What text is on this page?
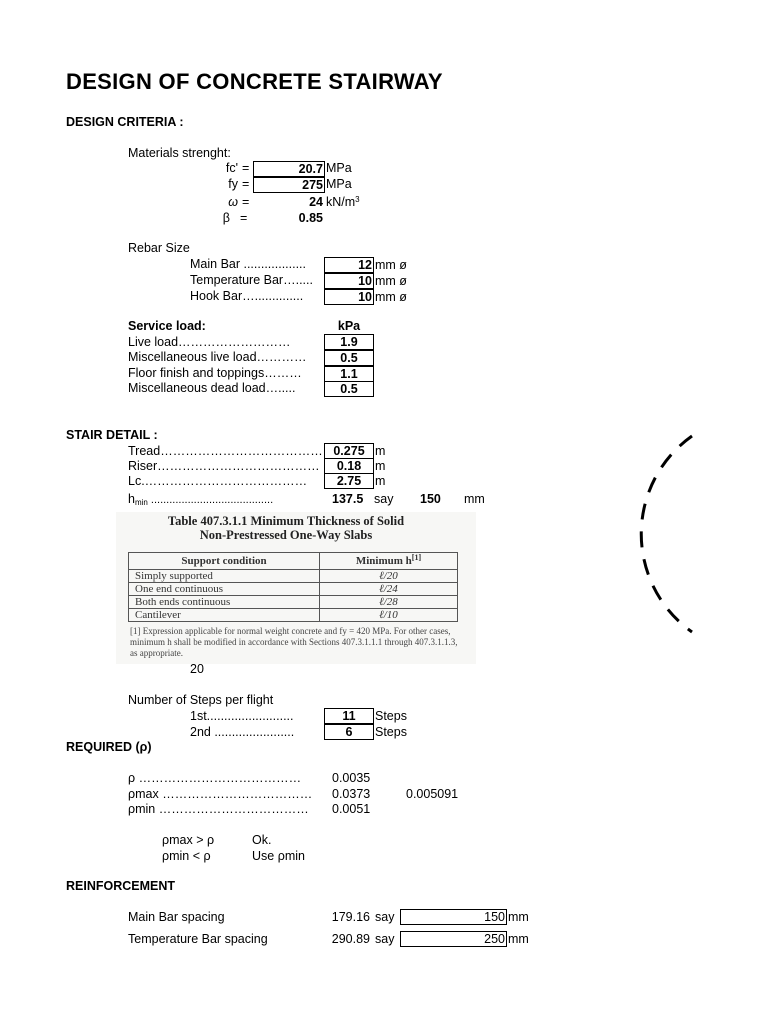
DESIGN OF CONCRETE STAIRWAY
DESIGN CRITERIA :
Materials strenght:
fc' =	20.7 MPa
fy =	275 MPa
ω =	24 $kN/m^3$
β =	0.85
Rebar Size
Main Bar ..................	12 mm ø
Temperature Bar….....	10 mm ø
Hook Bar…..............	10 mm ø
Service load:	kPa
Live load………………………	1.9
Miscellaneous live load…………	0.5
Floor finish and toppings………	1.1
Miscellaneous dead load….....	0.5
STAIR DETAIL :
Tread………………………………… 0.275 m
Riser…………………………………	0.18	m
Lc.…………………………………	2.75	m
$h_{min}$ ........................................	137.5 say 150 mm
Table 407.3.1.1 Minimum Thickness of Solid
Non-Prestressed One-Way Slabs
Support condition	Minimum h[1]
Simply supported	ℓ/20
One end continuous	ℓ/24
Both ends continuous	ℓ/28
Cantilever	ℓ/10
[1] Expression applicable for normal weight concrete and fy = 420 MPa. For other cases, minimum h shall be modified in accordance with Sections 407.3.1.1.1 through 407.3.1.1.3, as appropriate.
20
Number of Steps per flight
1st.........................	11	Steps
2nd .......................	6	Steps
REQUIRED (ρ)
ρ ………………………………… 0.0035
ρmax ……………………………… 0.0373	0.005091
ρmin ……………………………… 0.0051
ρmax > ρ	Ok.
ρmin < ρ	Use ρmin
REINFORCEMENT
Main Bar spacing	179.16 say	150 mm
Temperature Bar spacing	290.89 say	250 mm
